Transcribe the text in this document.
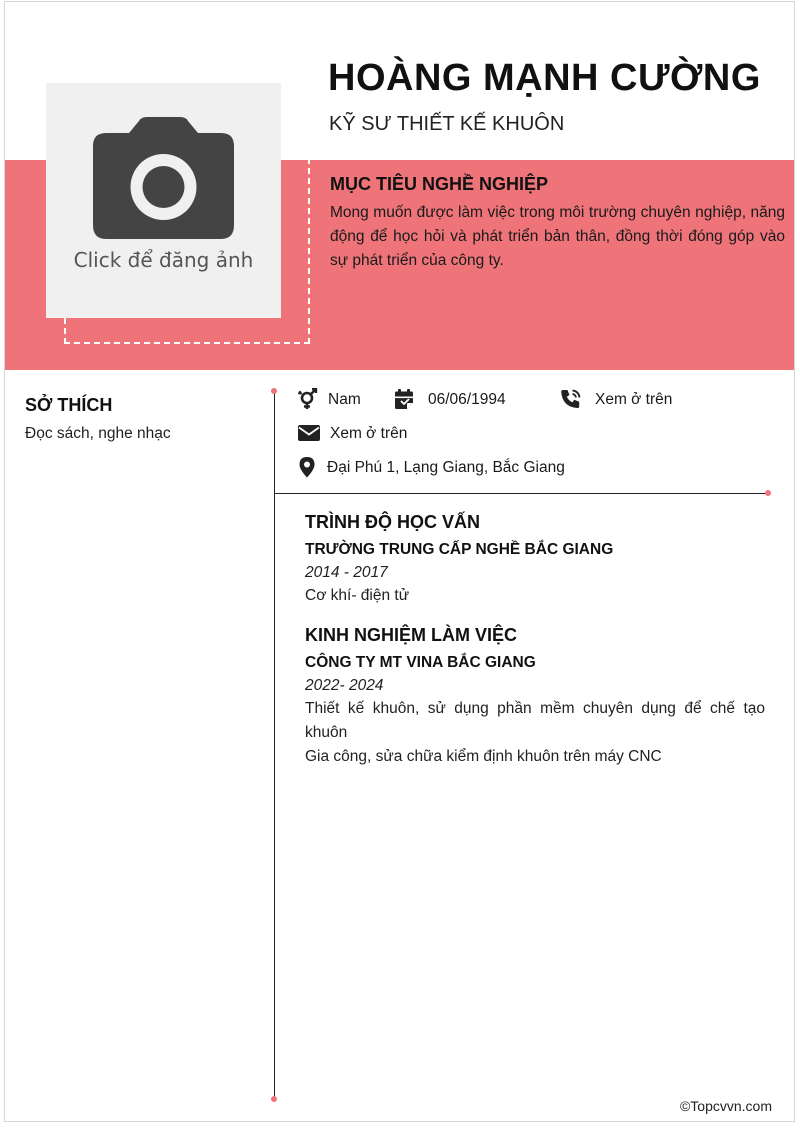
Click để đăng ảnh
HOÀNG MẠNH CƯỜNG
KỸ SƯ THIẾT KẾ KHUÔN
MỤC TIÊU NGHỀ NGHIỆP

Mong muốn được làm việc trong môi trường chuyên nghiệp, năng động để học hỏi và phát triển bản thân, đồng thời đóng góp vào sự phát triển của công ty.

SỞ THÍCH

Đọc sách, nghe nhạc

Nam	06/06/1994	Xem ở trên
Xem ở trên
Đại Phú 1, Lạng Giang, Bắc Giang
TRÌNH ĐỘ HỌC VẤN
TRƯỜNG TRUNG CẤP NGHỀ BẮC GIANG
2014 - 2017
Cơ khí- điện tử
KINH NGHIỆM LÀM VIỆC
CÔNG TY MT VINA BẮC GIANG
2022- 2024
Thiết kế khuôn, sử dụng phần mềm chuyên dụng để chế tạo khuôn
Gia công, sửa chữa kiểm định khuôn trên máy CNC
©Topcvvn.com
